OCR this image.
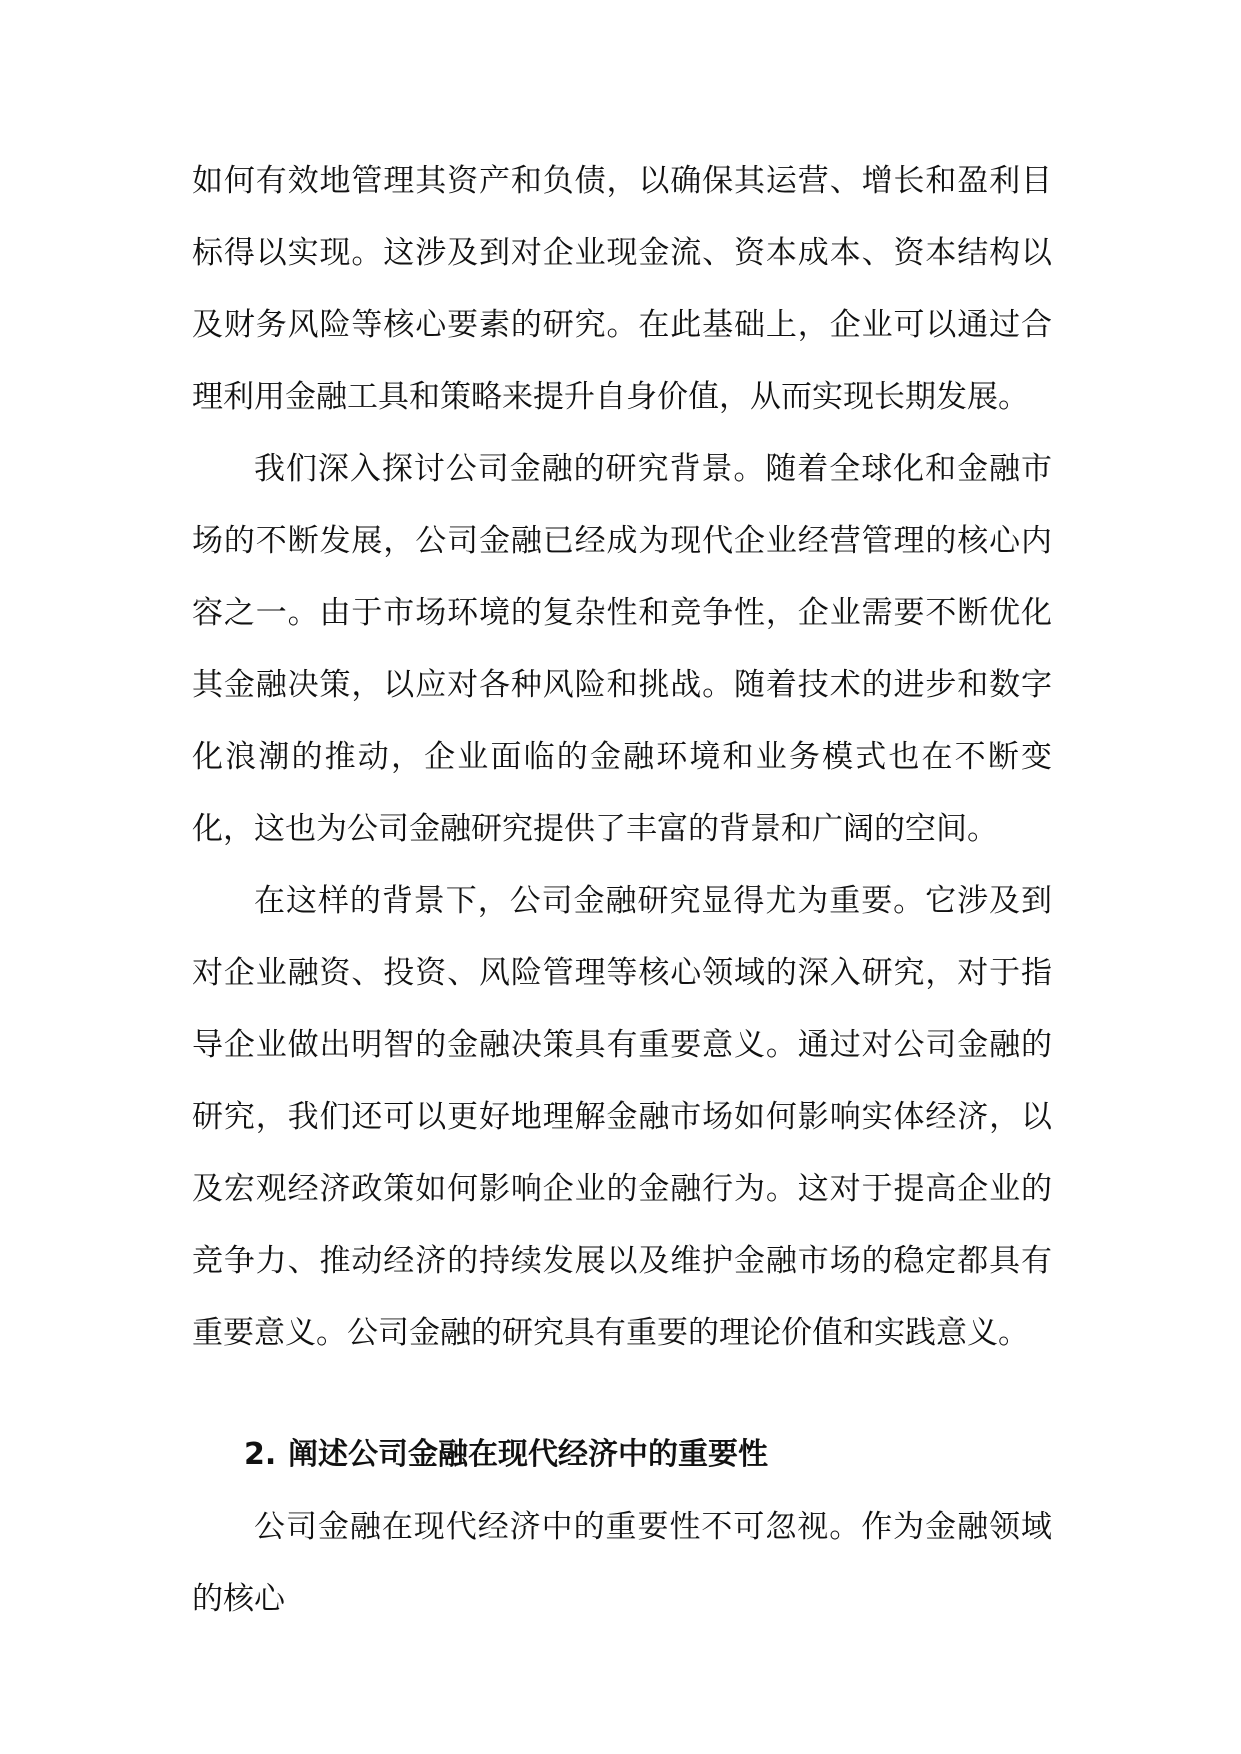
如何有效地管理其资产和负债，以确保其运营、增长和盈利目标得以实现。这涉及到对企业现金流、资本成本、资本结构以及财务风险等核心要素的研究。在此基础上，企业可以通过合理利用金融工具和策略来提升自身价值，从而实现长期发展。

我们深入探讨公司金融的研究背景。随着全球化和金融市场的不断发展，公司金融已经成为现代企业经营管理的核心内容之一。由于市场环境的复杂性和竞争性，企业需要不断优化其金融决策，以应对各种风险和挑战。随着技术的进步和数字化浪潮的推动，企业面临的金融环境和业务模式也在不断变化，这也为公司金融研究提供了丰富的背景和广阔的空间。

在这样的背景下，公司金融研究显得尤为重要。它涉及到对企业融资、投资、风险管理等核心领域的深入研究，对于指导企业做出明智的金融决策具有重要意义。通过对公司金融的研究，我们还可以更好地理解金融市场如何影响实体经济，以及宏观经济政策如何影响企业的金融行为。这对于提高企业的竞争力、推动经济的持续发展以及维护金融市场的稳定都具有重要意义。公司金融的研究具有重要的理论价值和实践意义。

2. 阐述公司金融在现代经济中的重要性

公司金融在现代经济中的重要性不可忽视。作为金融领域的核心
